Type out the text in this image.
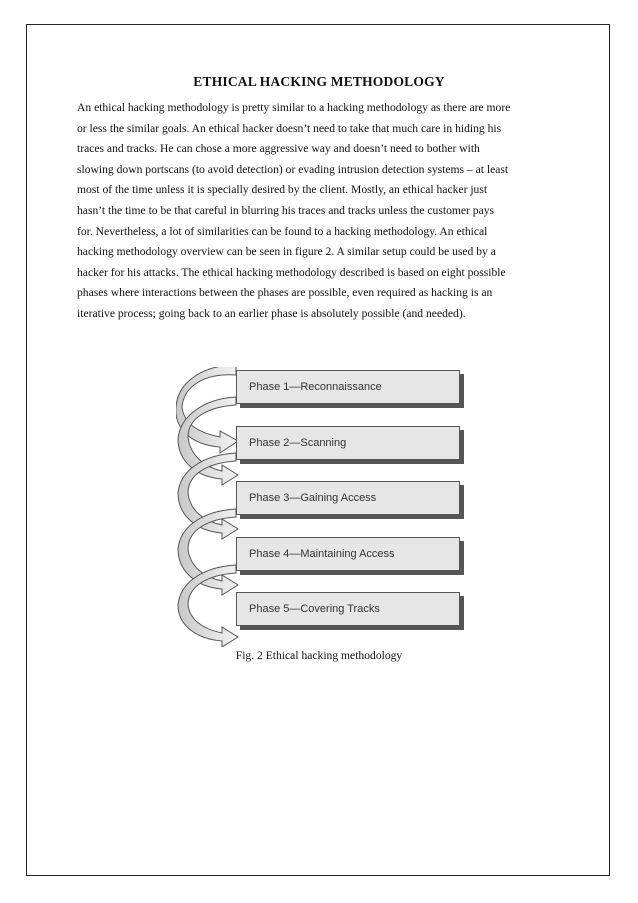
ETHICAL HACKING METHODOLOGY

An ethical hacking methodology is pretty similar to a hacking methodology as there are more
or less the similar goals. An ethical hacker doesn’t need to take that much care in hiding his
traces and tracks. He can chose a more aggressive way and doesn’t need to bother with
slowing down portscans (to avoid detection) or evading intrusion detection systems – at least
most of the time unless it is specially desired by the client. Mostly, an ethical hacker just
hasn’t the time to be that careful in blurring his traces and tracks unless the customer pays
for. Nevertheless, a lot of similarities can be found to a hacking methodology. An ethical
hacking methodology overview can be seen in figure 2. A similar setup could be used by a
hacker for his attacks. The ethical hacking methodology described is based on eight possible
phases where interactions between the phases are possible, even required as hacking is an
iterative process; going back to an earlier phase is absolutely possible (and needed).

Phase 1—Reconnaissance
Phase 2—Scanning
Phase 3—Gaining Access
Phase 4—Maintaining Access
Phase 5—Covering Tracks
Fig. 2 Ethical hacking methodology
